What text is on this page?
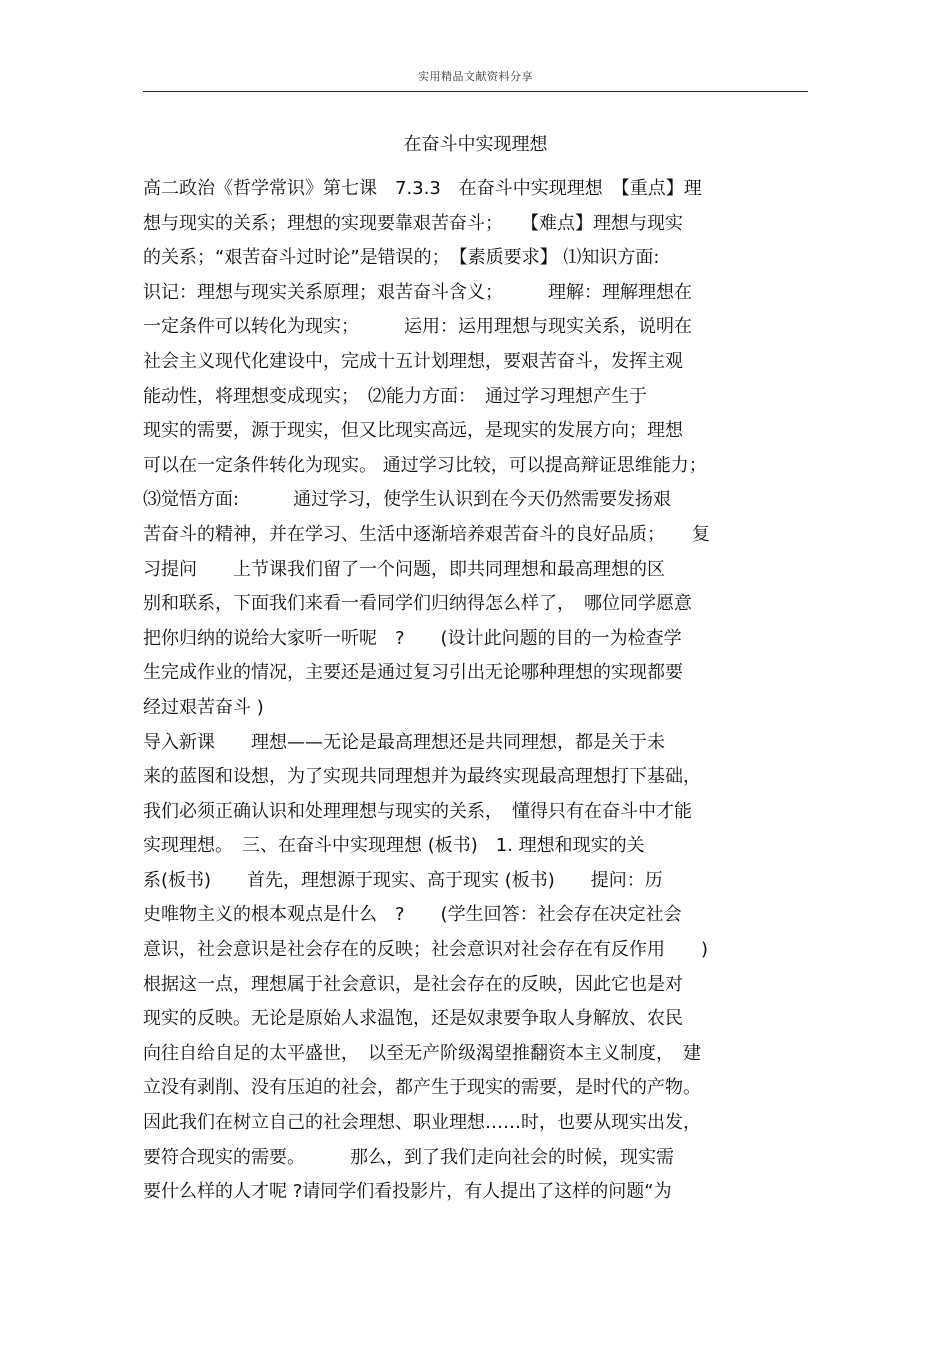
实用精品文献资料分享
在奋斗中实现理想
高二政治《哲学常识》第七课　7.3.3　在奋斗中实现理想　【重点】理
想与现实的关系；理想的实现要靠艰苦奋斗；　　【难点】理想与现实
的关系；“艰苦奋斗过时论”是错误的；　【素质要求】 ⑴知识方面:
识记：理想与现实关系原理；艰苦奋斗含义；　　　理解：理解理想在
一定条件可以转化为现实；　　　运用：运用理想与现实关系，说明在
社会主义现代化建设中，完成十五计划理想，要艰苦奋斗，发挥主观
能动性，将理想变成现实；　⑵能力方面：　通过学习理想产生于
现实的需要，源于现实，但又比现实高远，是现实的发展方向；理想
可以在一定条件转化为现实。 通过学习比较，可以提高辩证思维能力；
⑶觉悟方面:　　　通过学习，使学生认识到在今天仍然需要发扬艰
苦奋斗的精神，并在学习、生活中逐渐培养艰苦奋斗的良好品质；　　复
习提问　　上节课我们留了一个问题，即共同理想和最高理想的区
别和联系，下面我们来看一看同学们归纳得怎么样了，　哪位同学愿意
把你归纳的说给大家听一听呢　?　　(设计此问题的目的一为检查学
生完成作业的情况，主要还是通过复习引出无论哪种理想的实现都要
经过艰苦奋斗 )
导入新课　　理想——无论是最高理想还是共同理想，都是关于未
来的蓝图和设想，为了实现共同理想并为最终实现最高理想打下基础，
我们必须正确认识和处理理想与现实的关系，　懂得只有在奋斗中才能
实现理想。　三、在奋斗中实现理想 (板书)　1. 理想和现实的关
系(板书)　　首先，理想源于现实、高于现实 (板书)　　提问：历
史唯物主义的根本观点是什么　?　　(学生回答：社会存在决定社会
意识，社会意识是社会存在的反映；社会意识对社会存在有反作用　　)
根据这一点，理想属于社会意识，是社会存在的反映，因此它也是对
现实的反映。无论是原始人求温饱，还是奴隶要争取人身解放、农民
向往自给自足的太平盛世，　以至无产阶级渴望推翻资本主义制度，　建
立没有剥削、没有压迫的社会，都产生于现实的需要，是时代的产物。
因此我们在树立自己的社会理想、职业理想……时，也要从现实出发，
要符合现实的需要。　　　那么，到了我们走向社会的时候，现实需
要什么样的人才呢 ?请同学们看投影片，有人提出了这样的问题“为
